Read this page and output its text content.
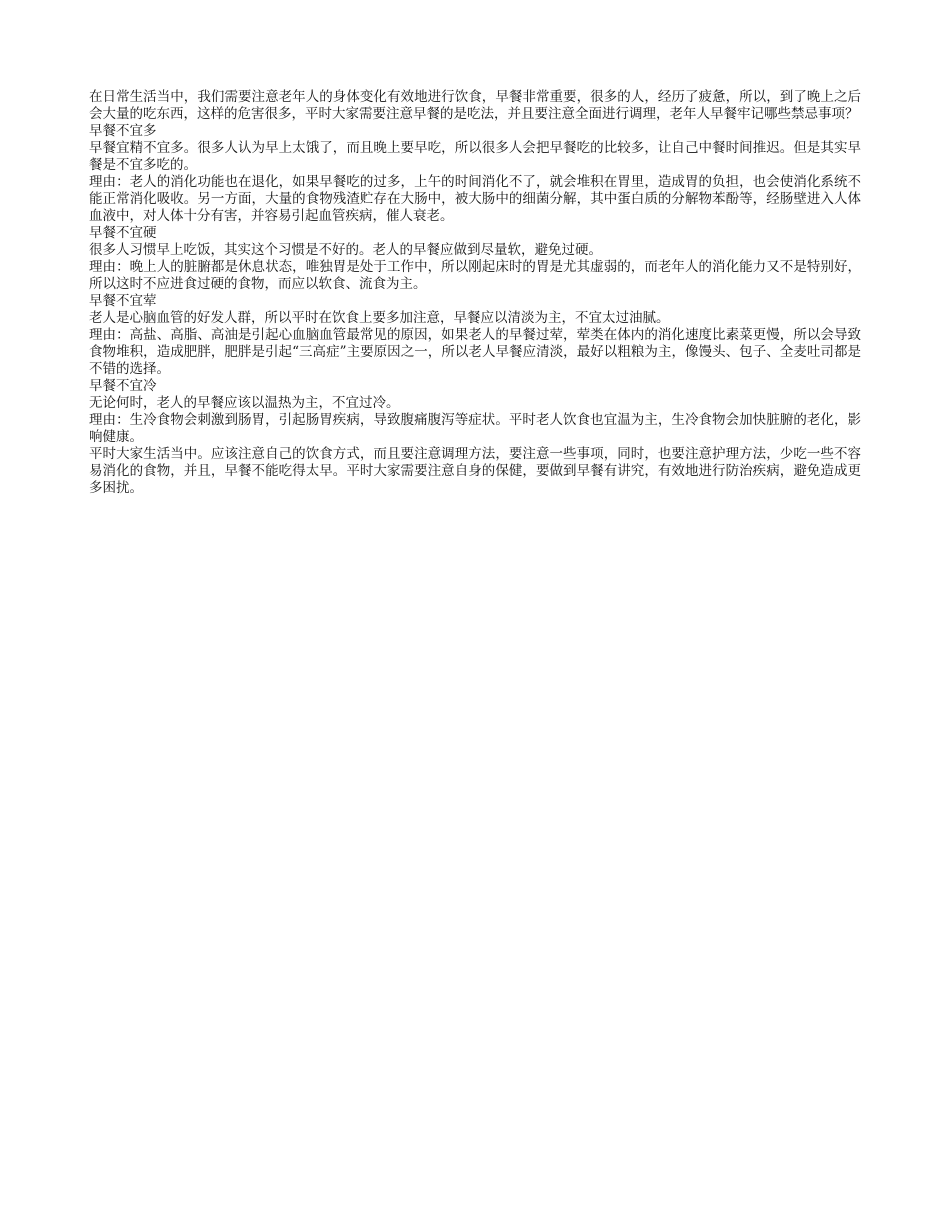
在日常生活当中，我们需要注意老年人的身体变化有效地进行饮食，早餐非常重要，很多的人，经历了疲惫，所以，到了晚上之后会大量的吃东西，这样的危害很多，平时大家需要注意早餐的是吃法，并且要注意全面进行调理，老年人早餐牢记哪些禁忌事项？

早餐不宜多

早餐宜精不宜多。很多人认为早上太饿了，而且晚上要早吃，所以很多人会把早餐吃的比较多，让自己中餐时间推迟。但是其实早餐是不宜多吃的。

理由：老人的消化功能也在退化，如果早餐吃的过多，上午的时间消化不了，就会堆积在胃里，造成胃的负担，也会使消化系统不能正常消化吸收。另一方面，大量的食物残渣贮存在大肠中，被大肠中的细菌分解，其中蛋白质的分解物苯酚等，经肠壁进入人体血液中，对人体十分有害，并容易引起血管疾病，催人衰老。

早餐不宜硬

很多人习惯早上吃饭，其实这个习惯是不好的。老人的早餐应做到尽量软，避免过硬。

理由：晚上人的脏腑都是休息状态，唯独胃是处于工作中，所以刚起床时的胃是尤其虚弱的，而老年人的消化能力又不是特别好，所以这时不应进食过硬的食物，而应以软食、流食为主。

早餐不宜荤

老人是心脑血管的好发人群，所以平时在饮食上要多加注意，早餐应以清淡为主，不宜太过油腻。

理由：高盐、高脂、高油是引起心血脑血管最常见的原因，如果老人的早餐过荤，荤类在体内的消化速度比素菜更慢，所以会导致食物堆积，造成肥胖，肥胖是引起“三高症”主要原因之一，所以老人早餐应清淡，最好以粗粮为主，像馒头、包子、全麦吐司都是不错的选择。

早餐不宜冷

无论何时，老人的早餐应该以温热为主，不宜过冷。

理由：生冷食物会刺激到肠胃，引起肠胃疾病，导致腹痛腹泻等症状。平时老人饮食也宜温为主，生冷食物会加快脏腑的老化，影响健康。

平时大家生活当中。应该注意自己的饮食方式，而且要注意调理方法，要注意一些事项，同时，也要注意护理方法，少吃一些不容易消化的食物，并且，早餐不能吃得太早。平时大家需要注意自身的保健，要做到早餐有讲究，有效地进行防治疾病，避免造成更多困扰。
